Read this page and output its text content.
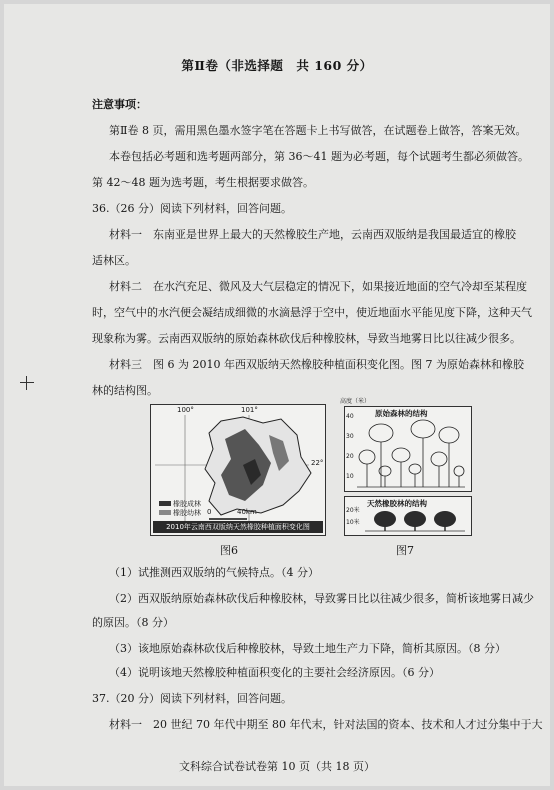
第Ⅱ卷（非选择题　共 160 分）

注意事项：

第Ⅱ卷 8 页，需用黑色墨水签字笔在答题卡上书写做答，在试题卷上做答，答案无效。

本卷包括必考题和选考题两部分，第 36～41 题为必考题，每个试题考生都必须做答。

第 42～48 题为选考题，考生根据要求做答。

36.（26 分）阅读下列材料，回答问题。

材料一　东南亚是世界上最大的天然橡胶生产地，云南西双版纳是我国最适宜的橡胶

适林区。

材料二　在水汽充足、微风及大气层稳定的情况下，如果接近地面的空气冷却至某程度

时，空气中的水汽便会凝结成细微的水滴悬浮于空中，使近地面水平能见度下降，这种天气

现象称为雾。云南西双版纳的原始森林砍伐后种橡胶林，导致当地雾日比以往减少很多。

材料三　图 6 为 2010 年西双版纳天然橡胶种植面积变化图。图 7 为原始森林和橡胶

林的结构图。

100°	101°
22°
橡胶成林
橡胶幼林 0	40km
2010年云南西双版纳天然橡胶种植面积变化图
图6
高度（米）
原始森林的结构
40
30
20
10
天然橡胶林的结构
20米
10米
图7

（1）试推测西双版纳的气候特点。（4 分）

（2）西双版纳原始森林砍伐后种橡胶林，导致雾日比以往减少很多，简析该地雾日减少

的原因。（8 分）

（3）该地原始森林砍伐后种橡胶林，导致土地生产力下降，简析其原因。（8 分）

（4）说明该地天然橡胶种植面积变化的主要社会经济原因。（6 分）

37.（20 分）阅读下列材料，回答问题。

材料一　20 世纪 70 年代中期至 80 年代末，针对法国的资本、技术和人才过分集中于大

文科综合试卷试卷第 10 页（共 18 页）
